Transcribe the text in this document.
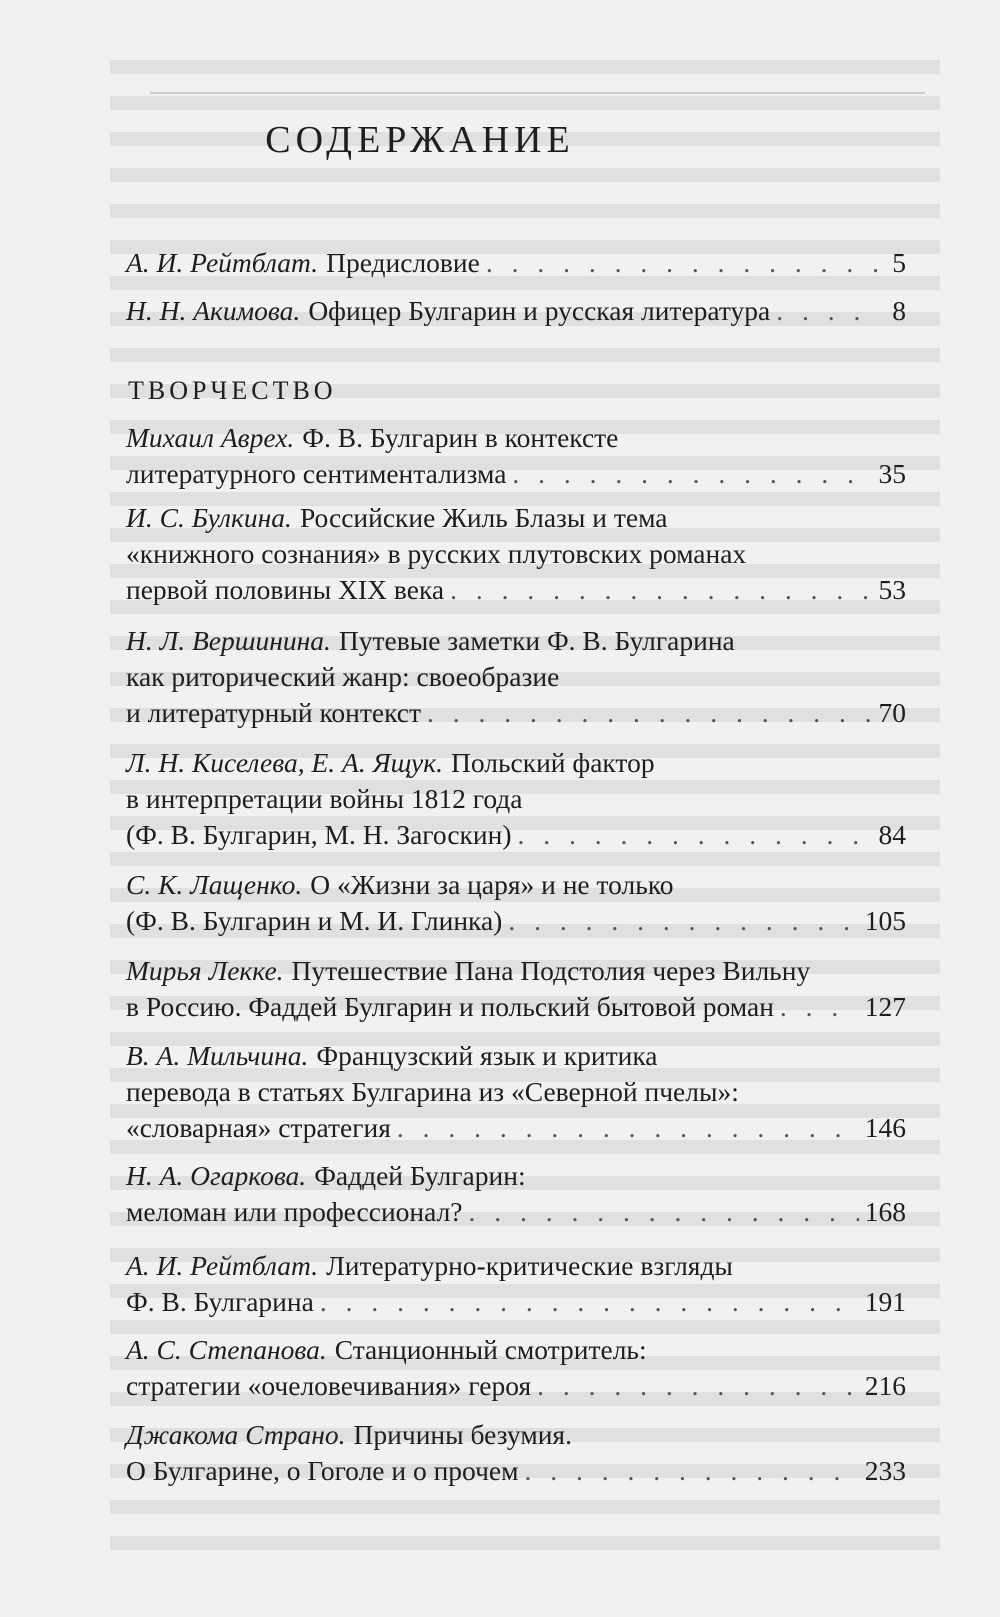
СОДЕРЖАНИЕ
ТВОРЧЕСТВО
А. И. Рейтблат. Предисловие . . .	5
Н. Н. Акимова. Офицер Булгарин и русская литература . . .	8
Михаил Аврех. Ф. В. Булгарин в контексте
литературного сентиментализма . . .	35
И. С. Булкина. Российские Жиль Блазы и тема
«книжного сознания» в русских плутовских романах
первой половины XIX века . . .	53
Н. Л. Вершинина. Путевые заметки Ф. В. Булгарина
как риторический жанр: своеобразие
и литературный контекст . . .	70
Л. Н. Киселева, Е. А. Ящук. Польский фактор
в интерпретации войны 1812 года
(Ф. В. Булгарин, М. Н. Загоскин) . . .	84
С. К. Лащенко. О «Жизни за царя» и не только
(Ф. В. Булгарин и М. И. Глинка) . . .	105
Мирья Лекке. Путешествие Пана Подстолия через Вильну
в Россию. Фаддей Булгарин и польский бытовой роман . . .	127
В. А. Мильчина. Французский язык и критика
перевода в статьях Булгарина из «Северной пчелы»:
«словарная» стратегия . . .	146
Н. А. Огаркова. Фаддей Булгарин:
меломан или профессионал? . . .	168
А. И. Рейтблат. Литературно-критические взгляды
Ф. В. Булгарина . . .	191
А. С. Степанова. Станционный смотритель:
стратегии «очеловечивания» героя . . .	216
Джакома Страно. Причины безумия.
О Булгарине, о Гоголе и о прочем . . .	233
